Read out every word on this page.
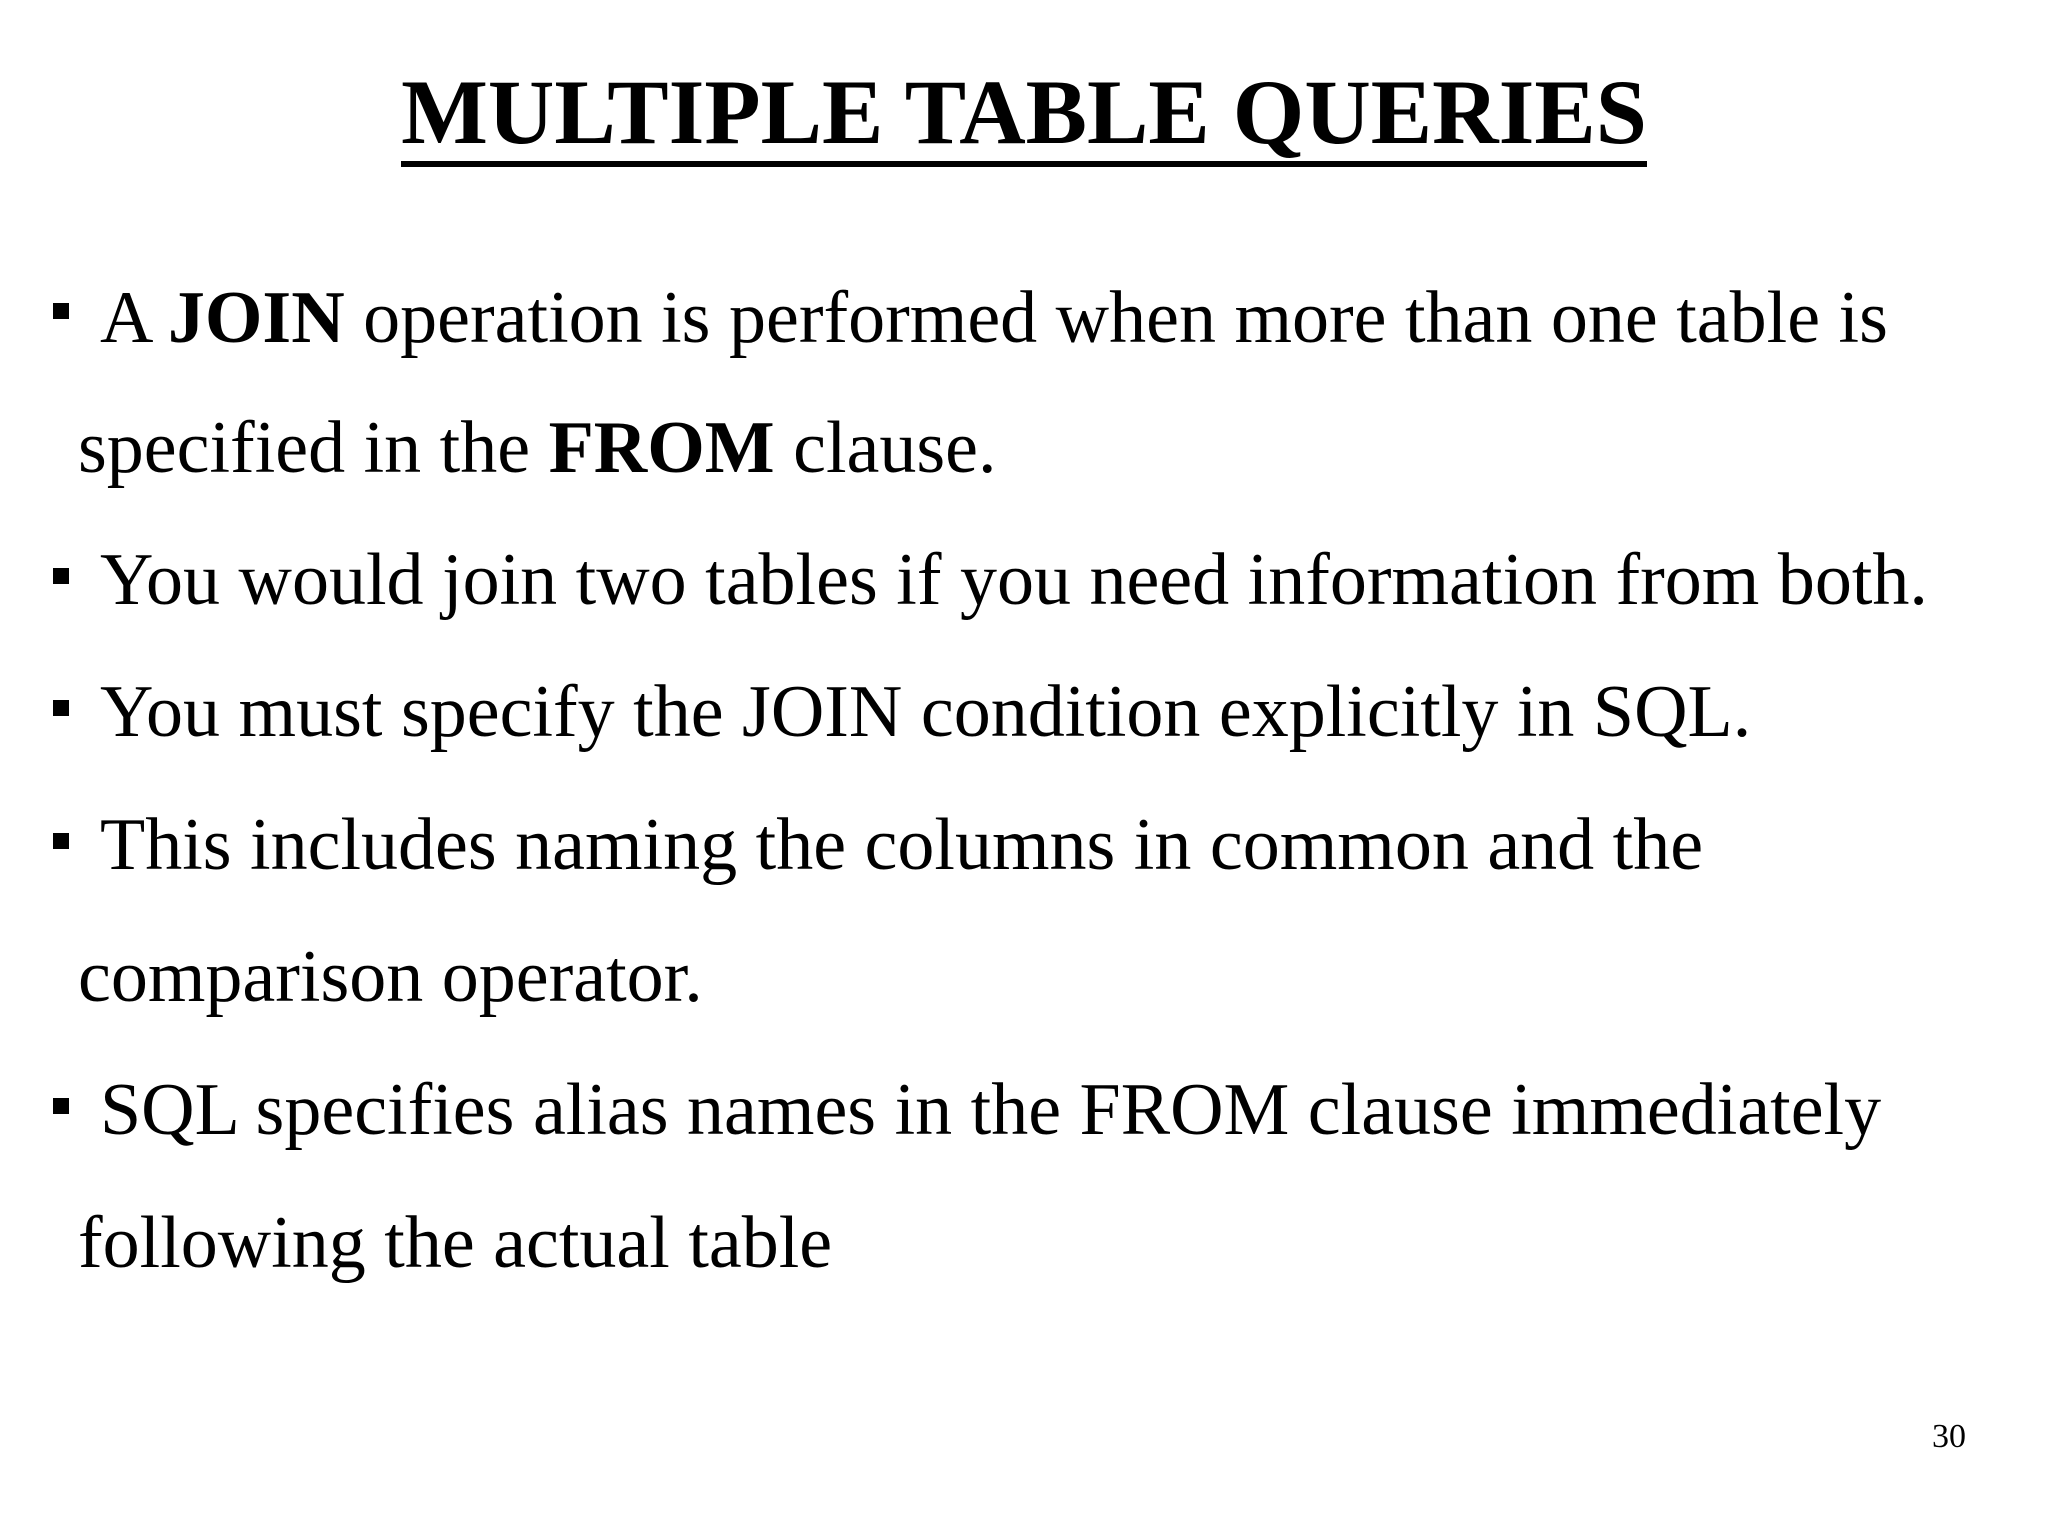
MULTIPLE TABLE QUERIES
A JOIN operation is performed when more than one table is
specified in the FROM clause.
You would join two tables if you need information from both.
You must specify the JOIN condition explicitly in SQL.
This includes naming the columns in common and the
comparison operator.
SQL specifies alias names in the FROM clause immediately
following the actual table
30
